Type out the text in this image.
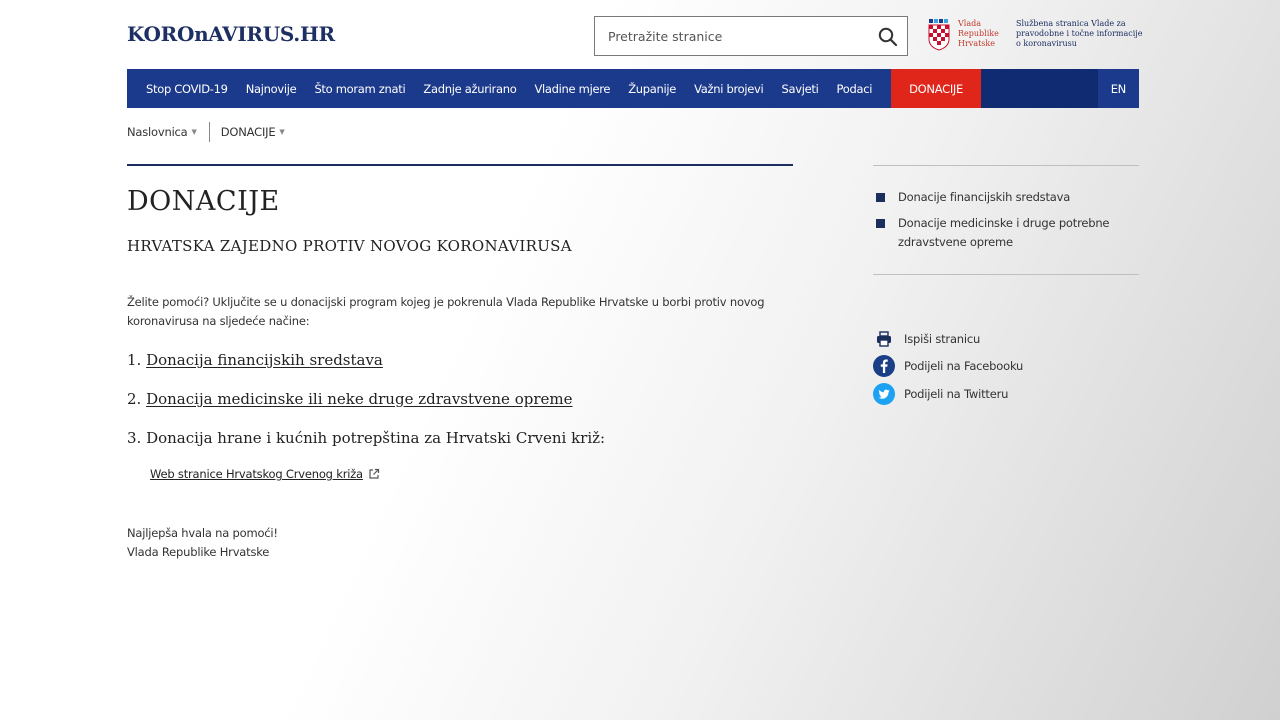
KOROnAVIRUS.HR
Pretražite stranice	Vlada Republike Hrvatske
Službena stranica Vlade za pravodobne i točne informacije o koronavirusu
Stop COVID-19	Najnovije	Što moram znati	Zadnje ažurirano	Vladine mjere	Županije	Važni brojevi	Savjeti	Podaci	DONACIJE	EN
Naslovnica ▼ DONACIJE ▼
DONACIJE
HRVATSKA ZAJEDNO PROTIV NOVOG KORONAVIRUSA
Želite pomoći? Uključite se u donacijski program kojeg je pokrenula Vlada Republike Hrvatske u borbi protiv novog koronavirusa na sljedeće načine:
1. Donacija financijskih sredstava
2. Donacija medicinske ili neke druge zdravstvene opreme
3. Donacija hrane i kućnih potrepština za Hrvatski Crveni križ:
Web stranice Hrvatskog Crvenog križa
Najljepša hvala na pomoći!
Vlada Republike Hrvatske
Donacije financijskih sredstava
Donacije medicinske i druge potrebne zdravstvene opreme
Ispiši stranicu
Podijeli na Facebooku
Podijeli na Twitteru
